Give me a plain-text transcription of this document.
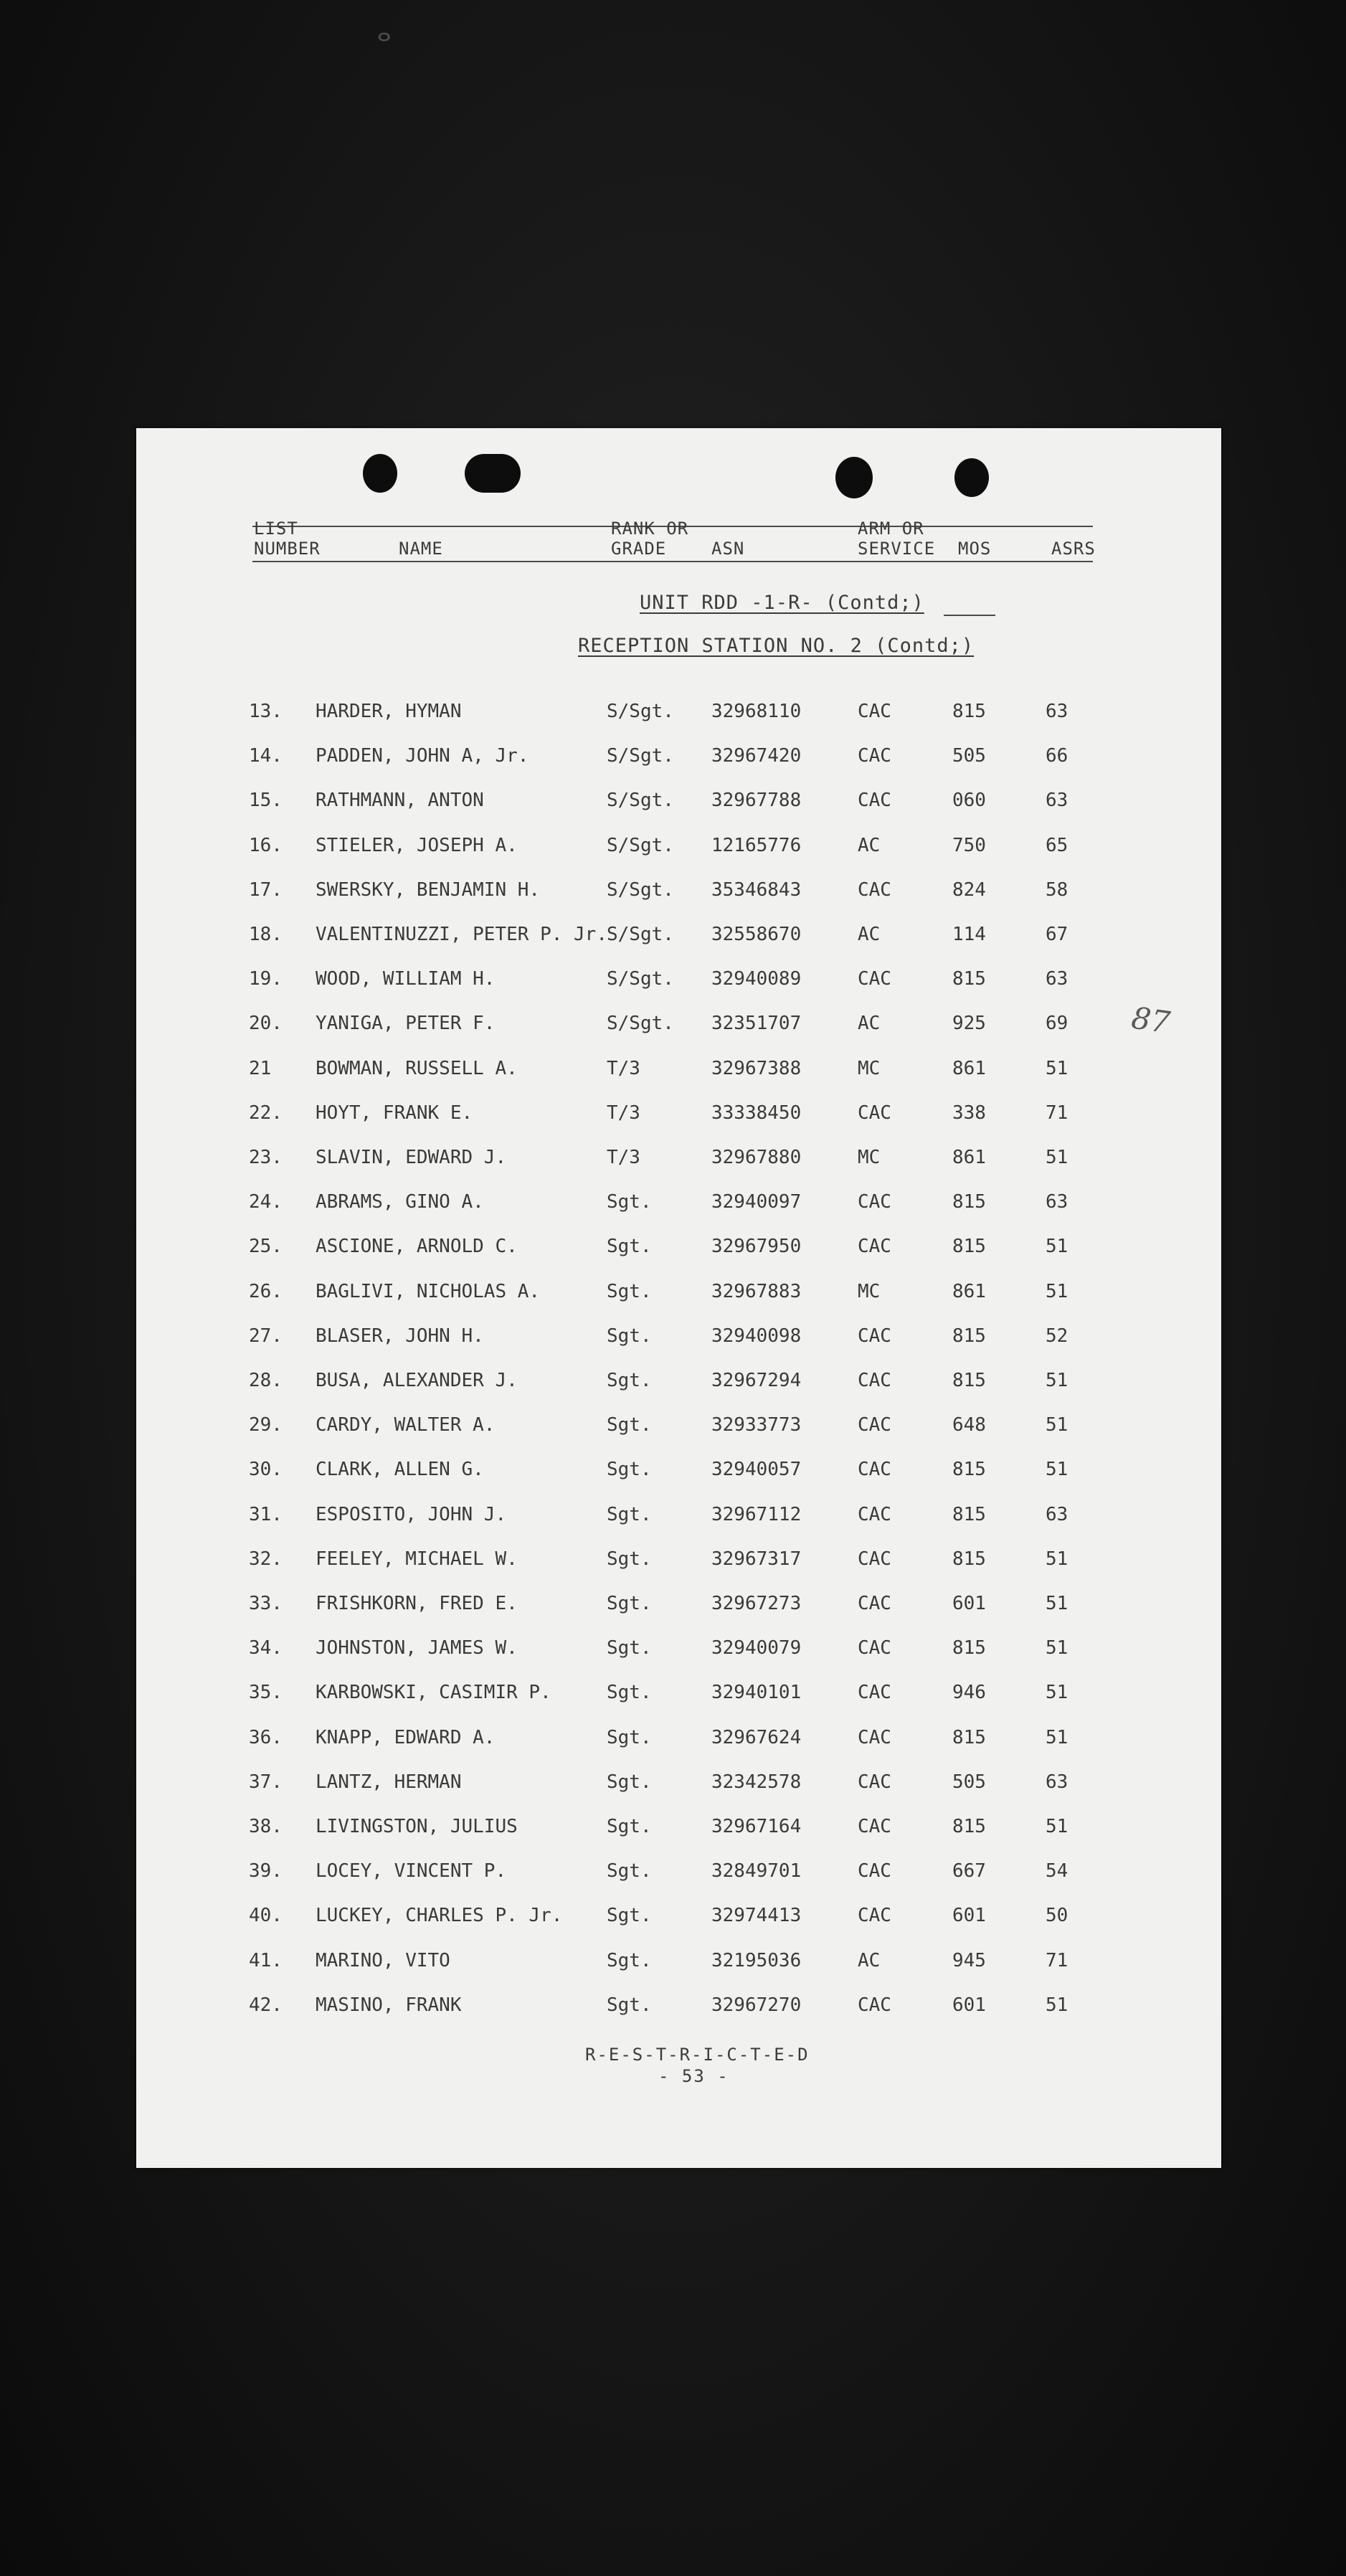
LIST
NUMBER	NAME
RANK OR
GRADE	ASN
ARM OR
SERVICE MOS	ASRS
UNIT RDD -1-R- (Contd;)
RECEPTION STATION NO. 2 (Contd;)
13. HARDER, HYMAN	S/Sgt. 32968110	CAC	815	63
14. PADDEN, JOHN A, Jr.	S/Sgt. 32967420	CAC	505	66
15. RATHMANN, ANTON	S/Sgt. 32967788	CAC	060	63
16. STIELER, JOSEPH A.	S/Sgt. 12165776	AC	750	65
17. SWERSKY, BENJAMIN H.	S/Sgt. 35346843	CAC	824	58
18. VALENTINUZZI, PETER P. Jr. S/Sgt. 32558670	AC	114	67
19. WOOD, WILLIAM H.	S/Sgt. 32940089	CAC	815	63
20. YANIGA, PETER F.	S/Sgt. 32351707	AC	925	69
21 BOWMAN, RUSSELL A.	T/3	32967388	MC	861	51
22. HOYT, FRANK E.	T/3	33338450	CAC	338	71
23. SLAVIN, EDWARD J.	T/3	32967880	MC	861	51
24. ABRAMS, GINO A.	Sgt.	32940097	CAC	815	63
25. ASCIONE, ARNOLD C.	Sgt.	32967950	CAC	815	51
26. BAGLIVI, NICHOLAS A.	Sgt.	32967883	MC	861	51
27. BLASER, JOHN H.	Sgt.	32940098	CAC	815	52
28. BUSA, ALEXANDER J.	Sgt.	32967294	CAC	815	51
29. CARDY, WALTER A.	Sgt.	32933773	CAC	648	51
30. CLARK, ALLEN G.	Sgt.	32940057	CAC	815	51
31. ESPOSITO, JOHN J.	Sgt.	32967112	CAC	815	63
32. FEELEY, MICHAEL W.	Sgt.	32967317	CAC	815	51
33. FRISHKORN, FRED E.	Sgt.	32967273	CAC	601	51
34. JOHNSTON, JAMES W.	Sgt.	32940079	CAC	815	51
35. KARBOWSKI, CASIMIR P.	Sgt.	32940101	CAC	946	51
36. KNAPP, EDWARD A.	Sgt.	32967624	CAC	815	51
37. LANTZ, HERMAN	Sgt.	32342578	CAC	505	63
38. LIVINGSTON, JULIUS	Sgt.	32967164	CAC	815	51
39. LOCEY, VINCENT P.	Sgt.	32849701	CAC	667	54
40. LUCKEY, CHARLES P. Jr. Sgt.	32974413	CAC	601	50
41. MARINO, VITO	Sgt.	32195036	AC	945	71
42. MASINO, FRANK	Sgt.	32967270	CAC	601	51
R-E-S-T-R-I-C-T-E-D
- 53 -
87
ⴰ
